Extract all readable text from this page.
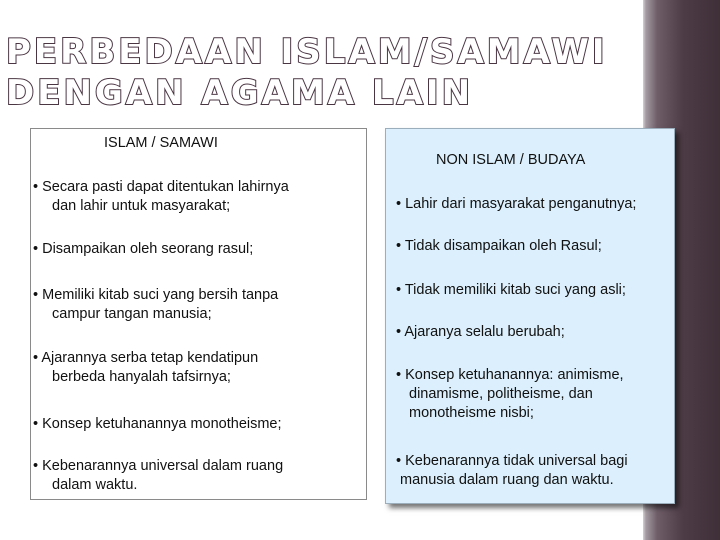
PERBEDAAN ISLAM/SAMAWI
DENGAN AGAMA LAIN
ISLAM / SAMAWI

• Secara pasti dapat ditentukan lahirnya
dan lahir untuk masyarakat;

• Disampaikan oleh seorang rasul;

• Memiliki kitab suci yang bersih tanpa
campur tangan manusia;

• Ajarannya serba tetap kendatipun
berbeda hanyalah tafsirnya;

• Konsep ketuhanannya monotheisme;

• Kebenarannya universal dalam ruang
dalam waktu.

NON ISLAM / BUDAYA

• Lahir dari masyarakat penganutnya;

• Tidak disampaikan oleh Rasul;

• Tidak memiliki kitab suci yang asli;

• Ajaranya selalu berubah;

• Konsep ketuhanannya: animisme,
dinamisme, politheisme, dan
monotheisme nisbi;

• Kebenarannya tidak universal bagi
manusia dalam ruang dan waktu.
